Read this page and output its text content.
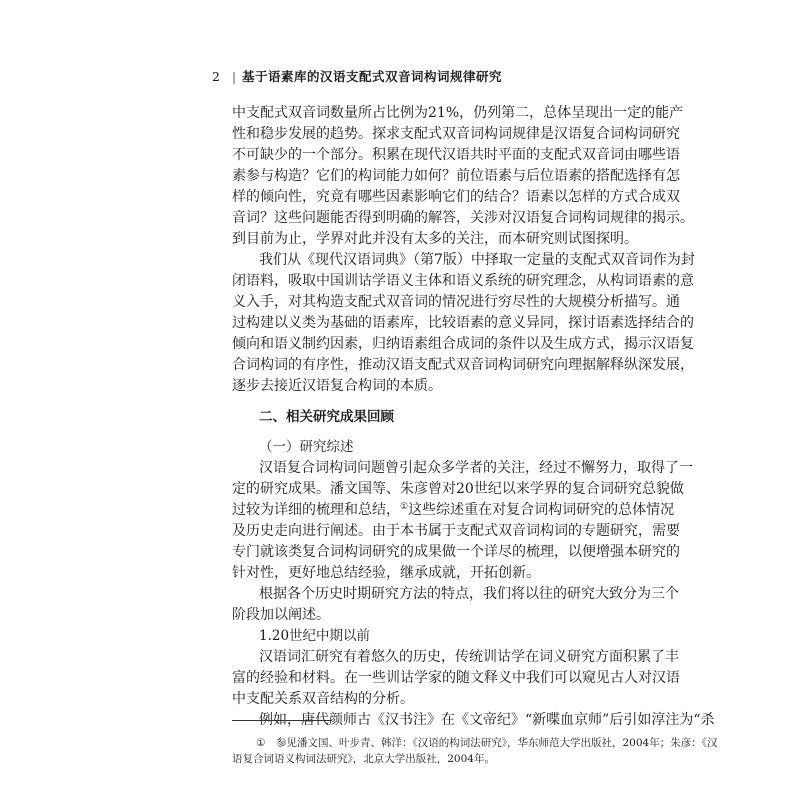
2 | 基于语素库的汉语支配式双音词构词规律研究
中支配式双音词数量所占比例为21%，仍列第二，总体呈现出一定的能产
性和稳步发展的趋势。探求支配式双音词构词规律是汉语复合词构词研究
不可缺少的一个部分。积累在现代汉语共时平面的支配式双音词由哪些语
素参与构造？它们的构词能力如何？前位语素与后位语素的搭配选择有怎
样的倾向性，究竟有哪些因素影响它们的结合？语素以怎样的方式合成双
音词？这些问题能否得到明确的解答，关涉对汉语复合词构词规律的揭示。
到目前为止，学界对此并没有太多的关注，而本研究则试图探明。
我们从《现代汉语词典》（第7版）中择取一定量的支配式双音词作为封
闭语料，吸取中国训诂学语义主体和语义系统的研究理念，从构词语素的意
义入手，对其构造支配式双音词的情况进行穷尽性的大规模分析描写。通
过构建以义类为基础的语素库，比较语素的意义异同，探讨语素选择结合的
倾向和语义制约因素，归纳语素组合成词的条件以及生成方式，揭示汉语复
合词构词的有序性，推动汉语支配式双音词构词研究向理据解释纵深发展，
逐步去接近汉语复合构词的本质。
二、相关研究成果回顾
（一）研究综述
汉语复合词构词问题曾引起众多学者的关注，经过不懈努力，取得了一
定的研究成果。潘文国等、朱彦曾对20世纪以来学界的复合词研究总貌做
过较为详细的梳理和总结，①这些综述重在对复合词构词研究的总体情况
及历史走向进行阐述。由于本书属于支配式双音词构词的专题研究，需要
专门就该类复合词构词研究的成果做一个详尽的梳理，以便增强本研究的
针对性，更好地总结经验，继承成就，开拓创新。
根据各个历史时期研究方法的特点，我们将以往的研究大致分为三个
阶段加以阐述。
1.20世纪中期以前
汉语词汇研究有着悠久的历史，传统训诂学在词义研究方面积累了丰
富的经验和材料。在一些训诂学家的随文释义中我们可以窥见古人对汉语
中支配关系双音结构的分析。
例如，唐代颜师古《汉书注》在《文帝纪》“新喋血京师”后引如淳注为“杀
① 参见潘文国、叶步青、韩洋：《汉语的构词法研究》，华东师范大学出版社，2004年；朱彦：《汉
语复合词语义构词法研究》，北京大学出版社，2004年。
